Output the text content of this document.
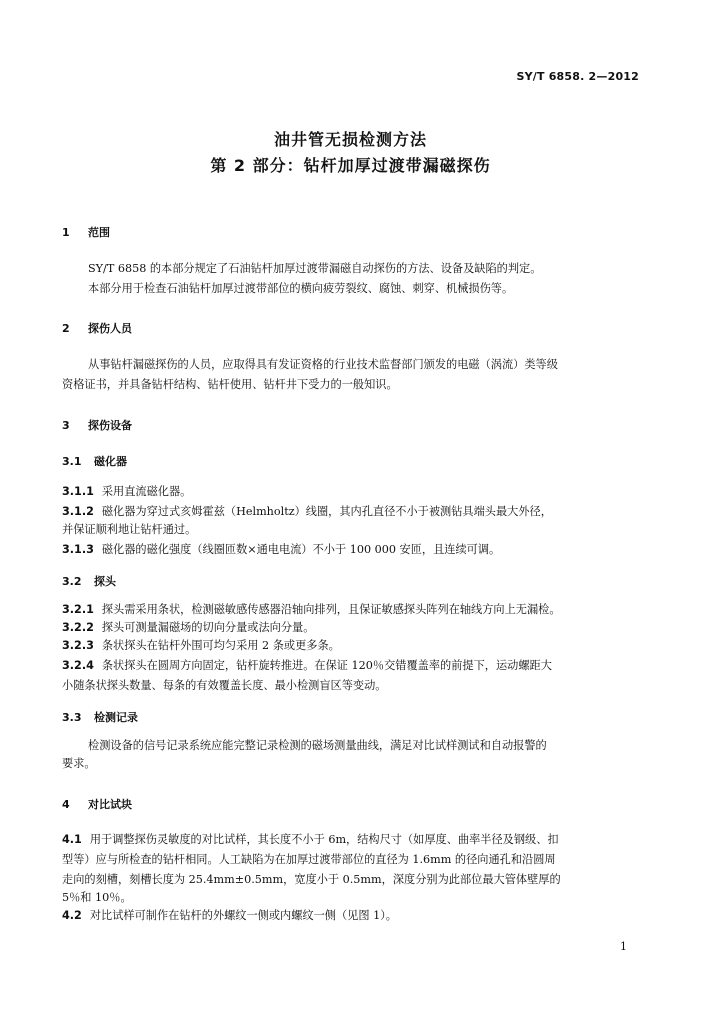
SY/T 6858. 2—2012
油井管无损检测方法
第 2 部分：钻杆加厚过渡带漏磁探伤
1 范围
SY/T 6858 的本部分规定了石油钻杆加厚过渡带漏磁自动探伤的方法、设备及缺陷的判定。
本部分用于检查石油钻杆加厚过渡带部位的横向疲劳裂纹、腐蚀、刺穿、机械损伤等。
2 探伤人员
从事钻杆漏磁探伤的人员，应取得具有发证资格的行业技术监督部门颁发的电磁（涡流）类等级
资格证书，并具备钻杆结构、钻杆使用、钻杆井下受力的一般知识。
3 探伤设备
3.1 磁化器
3.1.1 采用直流磁化器。
3.1.2 磁化器为穿过式亥姆霍兹（Helmholtz）线圈，其内孔直径不小于被测钻具端头最大外径，
并保证顺利地让钻杆通过。
3.1.3 磁化器的磁化强度（线圈匝数×通电电流）不小于 100 000 安匝，且连续可调。
3.2 探头
3.2.1 探头需采用条状，检测磁敏感传感器沿轴向排列，且保证敏感探头阵列在轴线方向上无漏检。
3.2.2 探头可测量漏磁场的切向分量或法向分量。
3.2.3 条状探头在钻杆外围可均匀采用 2 条或更多条。
3.2.4 条状探头在圆周方向固定，钻杆旋转推进。在保证 120％交错覆盖率的前提下，运动螺距大
小随条状探头数量、每条的有效覆盖长度、最小检测盲区等变动。
3.3 检测记录
检测设备的信号记录系统应能完整记录检测的磁场测量曲线，满足对比试样测试和自动报警的
要求。
4 对比试块
4.1 用于调整探伤灵敏度的对比试样，其长度不小于 6m，结构尺寸（如厚度、曲率半径及钢级、扣
型等）应与所检查的钻杆相同。人工缺陷为在加厚过渡带部位的直径为 1.6mm 的径向通孔和沿圆周
走向的刻槽，刻槽长度为 25.4mm±0.5mm，宽度小于 0.5mm，深度分别为此部位最大管体壁厚的
5％和 10％。
4.2 对比试样可制作在钻杆的外螺纹一侧或内螺纹一侧（见图 1）。
1
